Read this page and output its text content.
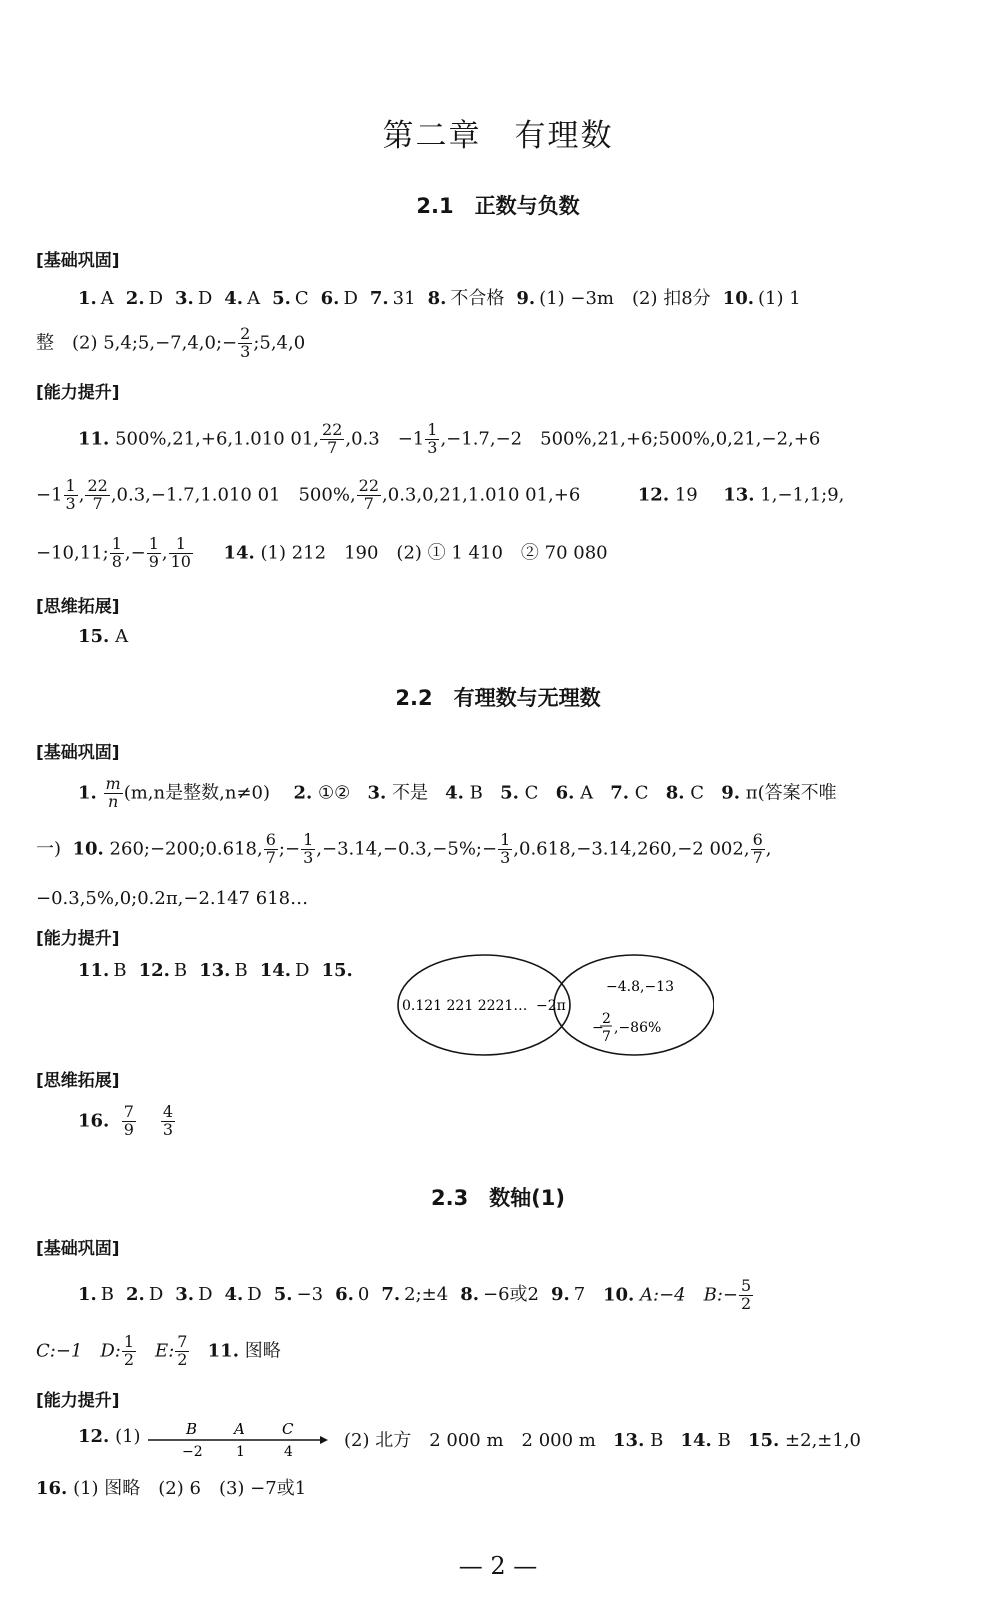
第二章　有理数
2.1　正数与负数
[基础巩固]
1. A 2. D 3. D 4. A 5. C 6. D 7. 31 8. 不合格 9. (1) −3m　(2) 扣8分 10. (1) 1
整　(2) 5,4;5,−7,4,0;− $\frac{2}{3}$ ;5,4,0
[能力提升]
11. 500%,21,+6,1.010 01, $\frac{22}{7} ,0.3$　$-1 \frac{1}{3} ,-1.7,-2$　500%,21,+6;500%,0,21,−2,+6
$-1 \frac{1}{3}$ , $\frac{22}{7} ,0.3,-1.7,1.010$ 01　500%, $\frac{22}{7} ,0.3,0,21,1.010$ 01,+6	12. 19 13. 1,−1,1;9,
−10,11; $\frac{1}{8}$ ,− $\frac{1}{9}$ , $\frac{1}{10} 14$. (1) 212　190　(2) ① 1 410　② 70 080
[思维拓展]
15. A
2.2　有理数与无理数
[基础巩固]
1. $\frac{m}{n} (m,n$是整数,n≠0) 2. ①② 3. 不是 4. B 5. C 6. A 7. C 8. C 9. π(答案不唯
一) 10. 260;−200;0.618, $\frac{6}{7}$ ;− $\frac{1}{3}$ ,−3.14,−0.3,−5%;− $\frac{1}{3} ,0.618,-3.14,260,-2$ 002, $\frac{6}{7}$ ,
−0.3,5%,0;0.2π,−2.147 618…
[能力提升]
11. B 12. B 13. B 14. D 15.
0.121 221 2221… −2π
−4.8,−13
−
2
7
,−86%
[思维拓展]
16. $\frac{7}{9}$
$\frac{4}{3}$
2.3　数轴(1)
[基础巩固]
1. B 2. D 3. D 4. D 5. −3 6. 0 7. 2;±4 8. −6或2 9. 7 10. A:−4　B:− $\frac{5}{2}$
C:−1　D: $\frac{1}{2}$ 　E: $\frac{7}{2} 11$. 图略
[能力提升]
12. (1)	B A C
−2 1	4
(2) 北方　2 000 m　2 000 m 13. B 14. B 15. ±2,±1,0
16. (1) 图略　(2) 6　(3) −7或1
— 2 —
